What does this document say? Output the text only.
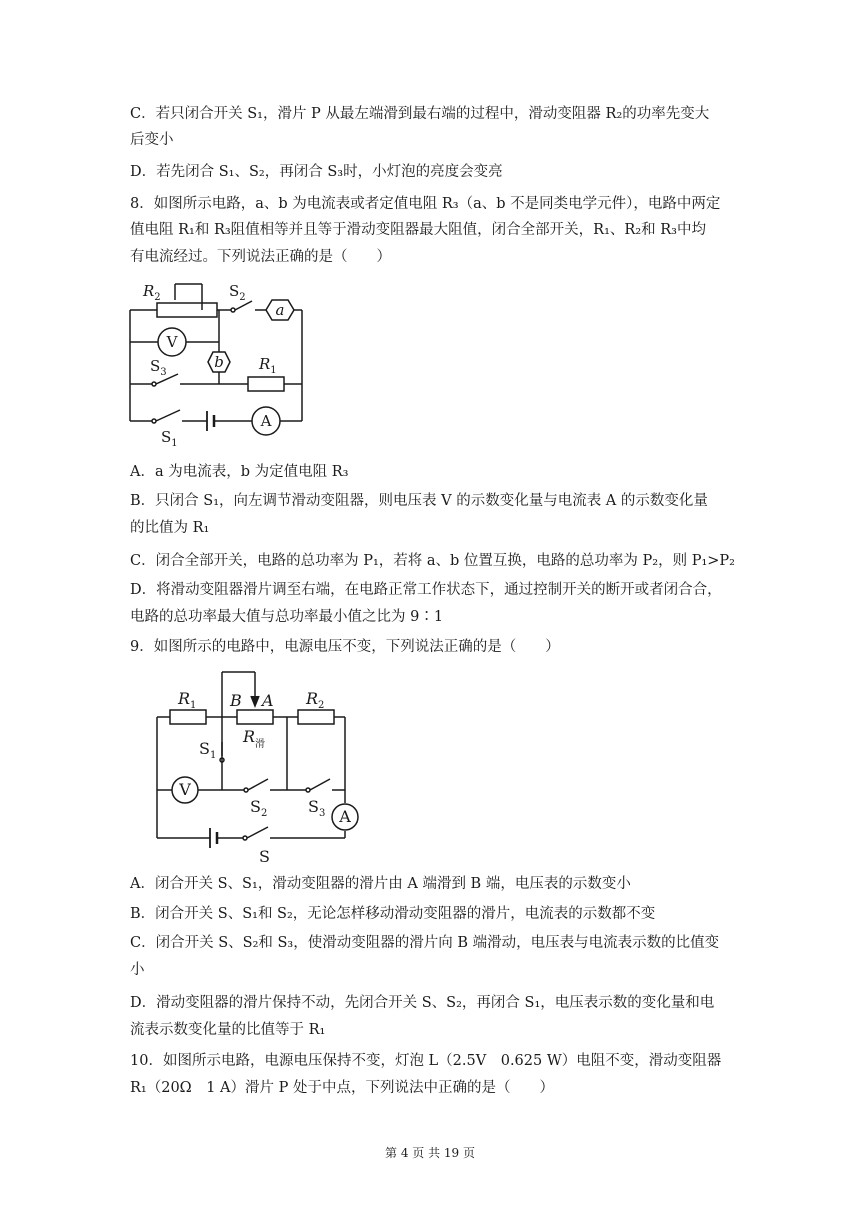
C．若只闭合开关 S₁，滑片 P 从最左端滑到最右端的过程中，滑动变阻器 R₂的功率先变大
后变小
D．若先闭合 S₁、S₂，再闭合 S₃时，小灯泡的亮度会变亮
8．如图所示电路，a、b 为电流表或者定值电阻 R₃（a、b 不是同类电学元件），电路中两定
值电阻 R₁和 R₃阻值相等并且等于滑动变阻器最大阻值，闭合全部开关，R₁、R₂和 R₃中均
有电流经过。下列说法正确的是（　　）
$R_2$	$S_2$
a
V
b
$S_3$	$R_1$
$S_1$
A
A．a 为电流表，b 为定值电阻 R₃
B．只闭合 S₁，向左调节滑动变阻器，则电压表 V 的示数变化量与电流表 A 的示数变化量
的比值为 R₁
C．闭合全部开关，电路的总功率为 P₁，若将 a、b 位置互换，电路的总功率为 P₂，则 P₁>P₂
D．将滑动变阻器滑片调至右端，在电路正常工作状态下，通过控制开关的断开或者闭合合，
电路的总功率最大值与总功率最小值之比为 9∶1
9．如图所示的电路中，电源电压不变，下列说法正确的是（　　）
$R_1$ B A $R_2$
$R_滑$
$S_1$
V
$S_2$	$S_3$ A
S
A．闭合开关 S、S₁，滑动变阻器的滑片由 A 端滑到 B 端，电压表的示数变小
B．闭合开关 S、S₁和 S₂，无论怎样移动滑动变阻器的滑片，电流表的示数都不变
C．闭合开关 S、S₂和 S₃，使滑动变阻器的滑片向 B 端滑动，电压表与电流表示数的比值变
小
D．滑动变阻器的滑片保持不动，先闭合开关 S、S₂，再闭合 S₁，电压表示数的变化量和电
流表示数变化量的比值等于 R₁
10．如图所示电路，电源电压保持不变，灯泡 L（2.5V　0.625 W）电阻不变，滑动变阻器
R₁（20Ω　1 A）滑片 P 处于中点，下列说法中正确的是（　　）
第 4 页 共 19 页
